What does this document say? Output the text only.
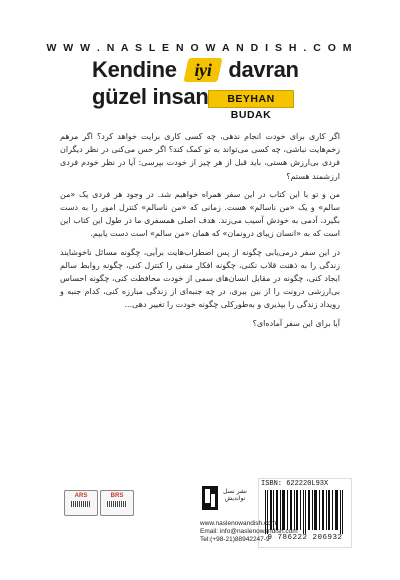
W W W . N A S L E N O W A N D I S H . C O M
Kendine iyi davran
güzel insan	BEYHAN BUDAK

اگر کاری برای خودت انجام ندهی، چه کسی کاری برایت خواهد کرد؟ اگر مرهم زخم‌هایت نباشی، چه کسی می‌تواند به تو کمک کند؟ اگر حس می‌کنی در نظر دیگران فردی بی‌ارزش هستی، باید قبل از هر چیز از خودت بپرسی: آیا در نظر خودم فردی ارزشمند هستم؟

من و تو با این کتاب در این سفر همراه خواهیم شد. در وجود هر فردی یک «من سالم» و یک «من ناسالم» هست. زمانی که «من ناسالم» کنترل امور را به دست بگیرد، آدمی به خودش آسیب می‌زند. هدف اصلی همسفری ما در طول این کتاب این است که به «انسان زیبای درونمان» که همان «من سالم» است دست یابیم.

در این سفر درمی‌یابی چگونه از پس اضطراب‌هایت برآیی، چگونه مسائل ناخوشایند زندگی را به ذهنت قلاب نکنی، چگونه افکار منفی را کنترل کنی، چگونه روابط سالم ایجاد کنی، چگونه در مقابل انسان‌های سمی از خودت محافظت کنی، چگونه احساس بی‌ارزشی درونت را از بین ببری، در چه جنبه‌ای از زندگی مبارزه کنی، کدام جنبه و رویداد زندگی را بپذیری و به‌طورکلی چگونه خودت را تغییر دهی...

آیا برای این سفر آماده‌ای؟

ARS	BRS
نشر نسل نواندیش
ISBN: 622220L93X
9 786222 206932
www.naslenowandish.com
Email: info@naslenowandish.com
Tel:(+98-21)88942247-9
